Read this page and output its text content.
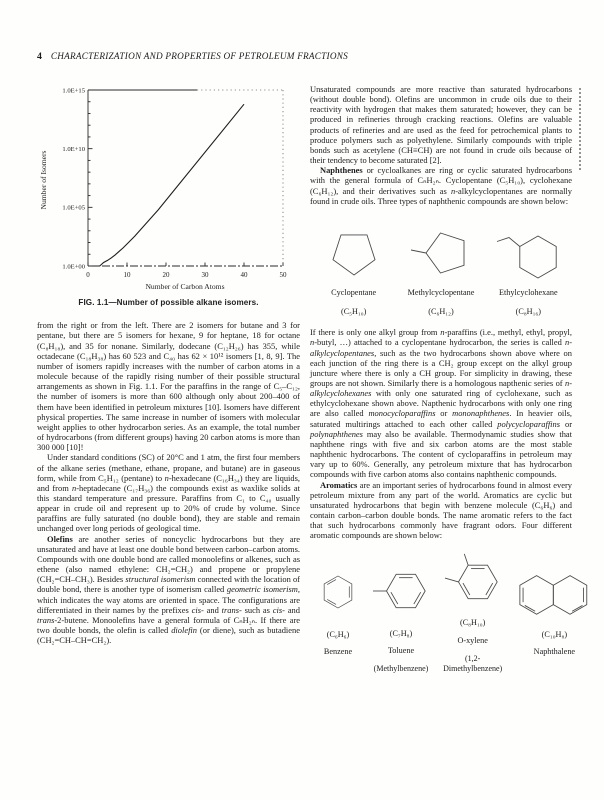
4 CHARACTERIZATION AND PROPERTIES OF PETROLEUM FRACTIONS
1.0E+00
1.0E+05
1.0E+10
1.0E+15
0	10	20	30	40	50
Number of Carbon Atoms
Number of Isomers
FIG. 1.1—Number of possible alkane isomers.

from the right or from the left. There are 2 isomers for butane and 3 for pentane, but there are 5 isomers for hexane, 9 for heptane, 18 for octane (C₈H₁₈), and 35 for nonane. Similarly, dodecane (C₁₂H₂₆) has 355, while octadecane (C₁₈H₃₈) has 60 523 and C₄₀ has 62 × 10¹² isomers [1, 8, 9]. The number of isomers rapidly increases with the number of carbon atoms in a molecule because of the rapidly rising number of their possible structural arrangements as shown in Fig. 1.1. For the paraffins in the range of C₅–C₁₂, the number of isomers is more than 600 although only about 200–400 of them have been identified in petroleum mixtures [10]. Isomers have different physical properties. The same increase in number of isomers with molecular weight applies to other hydrocarbon series. As an example, the total number of hydrocarbons (from different groups) having 20 carbon atoms is more than 300 000 [10]!

Under standard conditions (SC) of 20°C and 1 atm, the first four members of the alkane series (methane, ethane, propane, and butane) are in gaseous form, while from C₅H₁₂ (pentane) to n-hexadecane (C₁₆H₃₄) they are liquids, and from n-heptadecane (C₁₇H₃₆) the compounds exist as waxlike solids at this standard temperature and pressure. Paraffins from C₁ to C₄₀ usually appear in crude oil and represent up to 20% of crude by volume. Since paraffins are fully saturated (no double bond), they are stable and remain unchanged over long periods of geological time.

Olefins are another series of noncyclic hydrocarbons but they are unsaturated and have at least one double bond between carbon–carbon atoms. Compounds with one double bond are called monoolefins or alkenes, such as ethene (also named ethylene: CH₂=CH₂) and propene or propylene (CH₂=CH–CH₃). Besides structural isomerism connected with the location of double bond, there is another type of isomerism called geometric isomerism, which indicates the way atoms are oriented in space. The configurations are differentiated in their names by the prefixes cis- and trans- such as cis- and trans-2-butene. Monoolefins have a general formula of CₙH₂ₙ. If there are two double bonds, the olefin is called diolefin (or diene), such as butadiene (CH₂=CH–CH=CH₂).

Unsaturated compounds are more reactive than saturated hydrocarbons (without double bond). Olefins are uncommon in crude oils due to their reactivity with hydrogen that makes them saturated; however, they can be produced in refineries through cracking reactions. Olefins are valuable products of refineries and are used as the feed for petrochemical plants to produce polymers such as polyethylene. Similarly compounds with triple bonds such as acetylene (CH≡CH) are not found in crude oils because of their tendency to become saturated [2].

Naphthenes or cycloalkanes are ring or cyclic saturated hydrocarbons with the general formula of CₙH₂ₙ. Cyclopentane (C₅H₁₀), cyclohexane (C₆H₁₂), and their derivatives such as n-alkylcyclopentanes are normally found in crude oils. Three types of naphthenic compounds are shown below:

Cyclopentane
(C₅H₁₀)
Methylcyclopentane
(C₆H₁₂)
Ethylcyclohexane
(C₈H₁₆)

If there is only one alkyl group from n-paraffins (i.e., methyl, ethyl, propyl, n-butyl, …) attached to a cyclopentane hydrocarbon, the series is called n-alkylcyclopentanes, such as the two hydrocarbons shown above where on each junction of the ring there is a CH₂ group except on the alkyl group juncture where there is only a CH group. For simplicity in drawing, these groups are not shown. Similarly there is a homologous napthenic series of n-alkylcyclohexanes with only one saturated ring of cyclohexane, such as ethylcyclohexane shown above. Napthenic hydrocarbons with only one ring are also called monocycloparaffins or mononaphthenes. In heavier oils, saturated multirings attached to each other called polycycloparaffins or polynaphthenes may also be available. Thermodynamic studies show that naphthene rings with five and six carbon atoms are the most stable naphthenic hydrocarbons. The content of cycloparaffins in petroleum may vary up to 60%. Generally, any petroleum mixture that has hydrocarbon compounds with five carbon atoms also contains naphthenic compounds.

Aromatics are an important series of hydrocarbons found in almost every petroleum mixture from any part of the world. Aromatics are cyclic but unsaturated hydrocarbons that begin with benzene molecule (C₆H₆) and contain carbon–carbon double bonds. The name aromatic refers to the fact that such hydrocarbons commonly have fragrant odors. Four different aromatic compounds are shown below:

(C₆H₆)
Benzene
(C₇H₈)
Toluene
(Methylbenzene)
(C₈H₁₀)
O-xylene
(1,2-Dimethylbenzene)
(C₁₀H₈)
Naphthalene
